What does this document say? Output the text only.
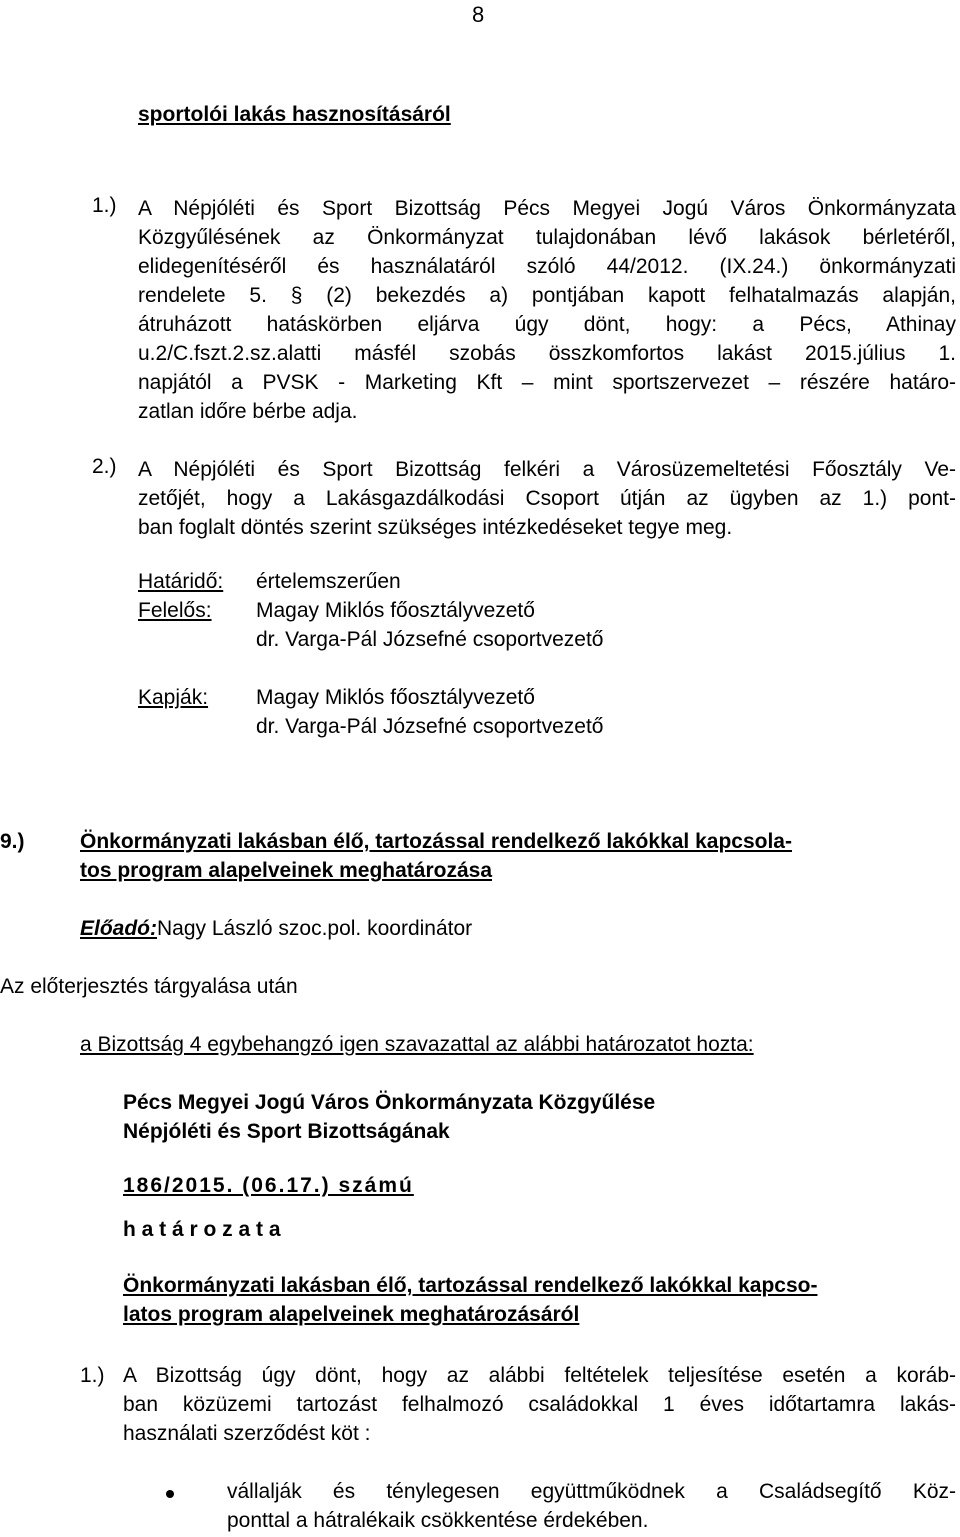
8
sportolói lakás hasznosításáról
1.) A Népjóléti és Sport Bizottság Pécs Megyei Jogú Város Önkormányzata
Közgyűlésének az Önkormányzat tulajdonában lévő lakások bérletéről,
elidegenítéséről és használatáról szóló 44/2012. (IX.24.) önkormányzati
rendelete 5. § (2) bekezdés a) pontjában kapott felhatalmazás alapján,
átruházott hatáskörben eljárva úgy dönt, hogy: a Pécs, Athinay
u.2/C.fszt.2.sz.alatti másfél szobás összkomfortos lakást 2015.július 1.
napjától a PVSK - Marketing Kft – mint sportszervezet – részére határo-
zatlan időre bérbe adja.
2.) A Népjóléti és Sport Bizottság felkéri a Városüzemeltetési Főosztály Ve-
zetőjét, hogy a Lakásgazdálkodási Csoport útján az ügyben az 1.) pont-
ban foglalt döntés szerint szükséges intézkedéseket tegye meg.
Határidő: értelemszerűen
Felelős: Magay Miklós főosztályvezető
dr. Varga-Pál Józsefné csoportvezető
Kapják: Magay Miklós főosztályvezető
dr. Varga-Pál Józsefné csoportvezető
9.)	Önkormányzati lakásban élő, tartozással rendelkező lakókkal kapcsola-
tos program alapelveinek meghatározása
Előadó:Nagy László szoc.pol. koordinátor
Az előterjesztés tárgyalása után
a Bizottság 4 egybehangzó igen szavazattal az alábbi határozatot hozta:
Pécs Megyei Jogú Város Önkormányzata Közgyűlése
Népjóléti és Sport Bizottságának
186/2015. (06.17.) számú
h a t á r o z a t a
Önkormányzati lakásban élő, tartozással rendelkező lakókkal kapcso-
latos program alapelveinek meghatározásáról
1.) A Bizottság úgy dönt, hogy az alábbi feltételek teljesítése esetén a koráb-
ban közüzemi tartozást felhalmozó családokkal 1 éves időtartamra lakás-
használati szerződést köt :
vállalják és ténylegesen együttműködnek a Családsegítő Köz-
ponttal a hátralékaik csökkentése érdekében.
